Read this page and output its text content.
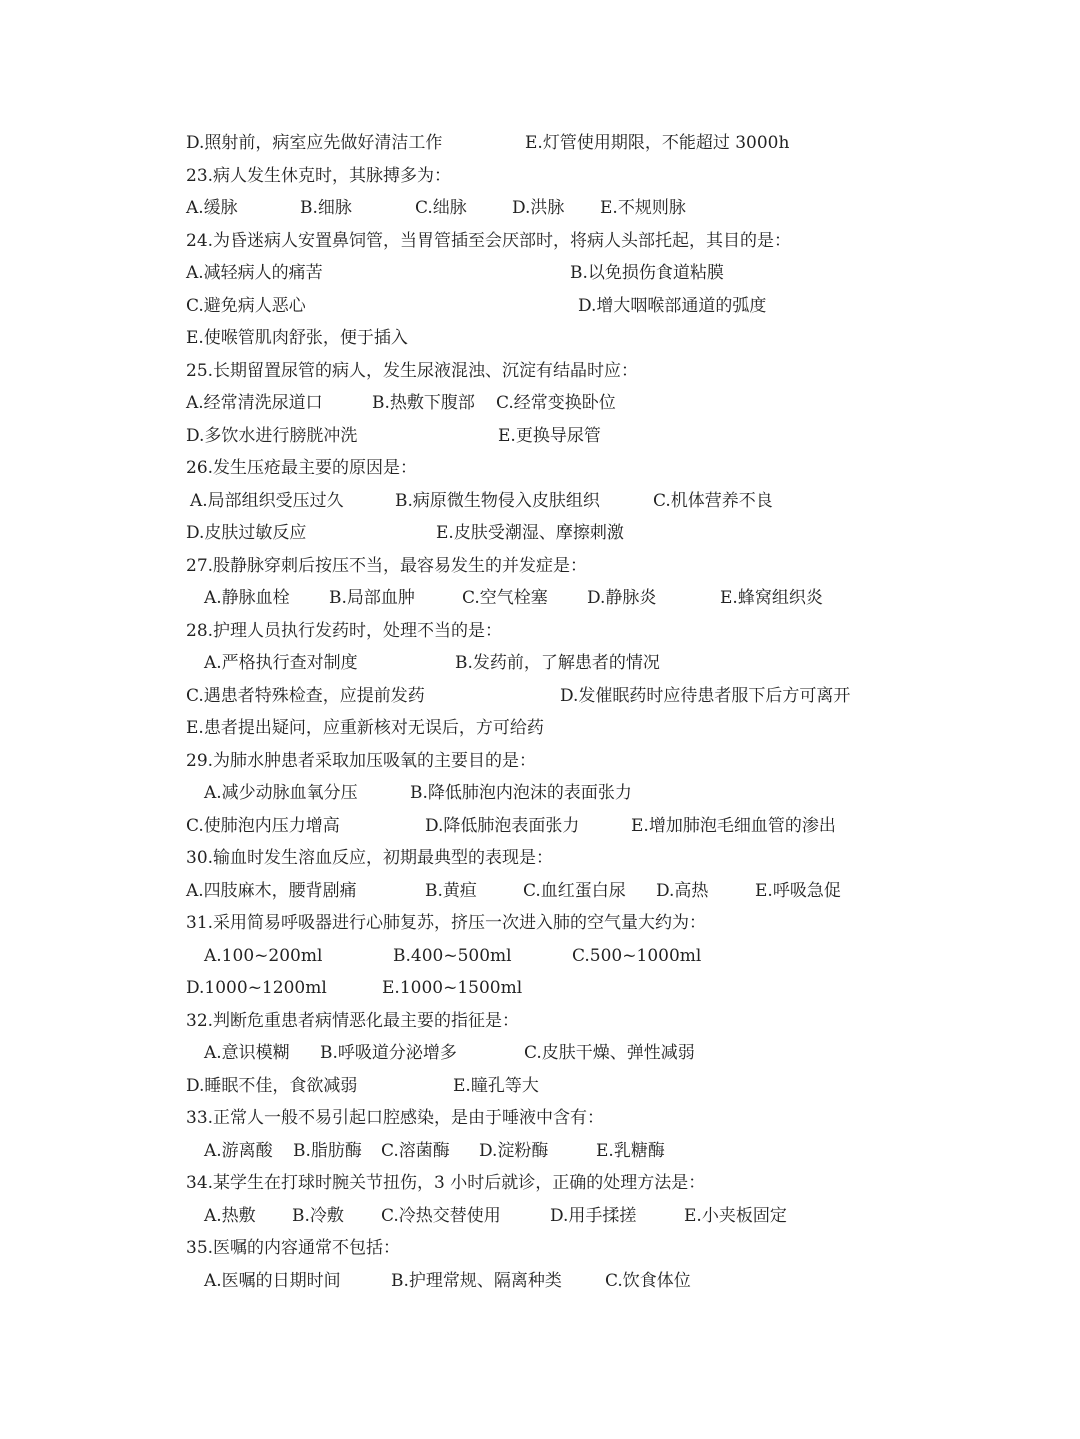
D.照射前，病室应先做好清洁工作	E.灯管使用期限，不能超过 3000h
23.病人发生休克时，其脉搏多为：
A.缓脉	B.细脉	C.绌脉	D.洪脉 E.不规则脉
24.为昏迷病人安置鼻饲管，当胃管插至会厌部时，将病人头部托起，其目的是：
A.减轻病人的痛苦	B.以免损伤食道粘膜
C.避免病人恶心	D.增大咽喉部通道的弧度
E.使喉管肌肉舒张，便于插入
25.长期留置尿管的病人，发生尿液混浊、沉淀有结晶时应：
A.经常清洗尿道口	B.热敷下腹部 C.经常变换卧位
D.多饮水进行膀胱冲洗	E.更换导尿管
26.发生压疮最主要的原因是：
A.局部组织受压过久	B.病原微生物侵入皮肤组织	C.机体营养不良
D.皮肤过敏反应	E.皮肤受潮湿、摩擦刺激
27.股静脉穿刺后按压不当，最容易发生的并发症是：
A.静脉血栓 B.局部血肿	C.空气栓塞 D.静脉炎	E.蜂窝组织炎
28.护理人员执行发药时，处理不当的是：
A.严格执行查对制度	B.发药前，了解患者的情况
C.遇患者特殊检查，应提前发药	D.发催眠药时应待患者服下后方可离开
E.患者提出疑问，应重新核对无误后，方可给药
29.为肺水肿患者采取加压吸氧的主要目的是：
A.减少动脉血氧分压	B.降低肺泡内泡沫的表面张力
C.使肺泡内压力增高	D.降低肺泡表面张力	E.增加肺泡毛细血管的渗出
30.输血时发生溶血反应，初期最典型的表现是：
A.四肢麻木，腰背剧痛	B.黄疸	C.血红蛋白尿 D.高热	E.呼吸急促
31.采用简易呼吸器进行心肺复苏，挤压一次进入肺的空气量大约为：
A.100~200ml	B.400~500ml	C.500~1000ml
D.1000~1200ml	E.1000~1500ml
32.判断危重患者病情恶化最主要的指征是：
A.意识模糊 B.呼吸道分泌增多	C.皮肤干燥、弹性减弱
D.睡眠不佳，食欲减弱	E.瞳孔等大
33.正常人一般不易引起口腔感染，是由于唾液中含有：
A.游离酸 B.脂肪酶 C.溶菌酶 D.淀粉酶	E.乳糖酶
34.某学生在打球时腕关节扭伤，3 小时后就诊，正确的处理方法是：
A.热敷 B.冷敷 C.冷热交替使用	D.用手揉搓	E.小夹板固定
35.医嘱的内容通常不包括：
A.医嘱的日期时间	B.护理常规、隔离种类	C.饮食体位
